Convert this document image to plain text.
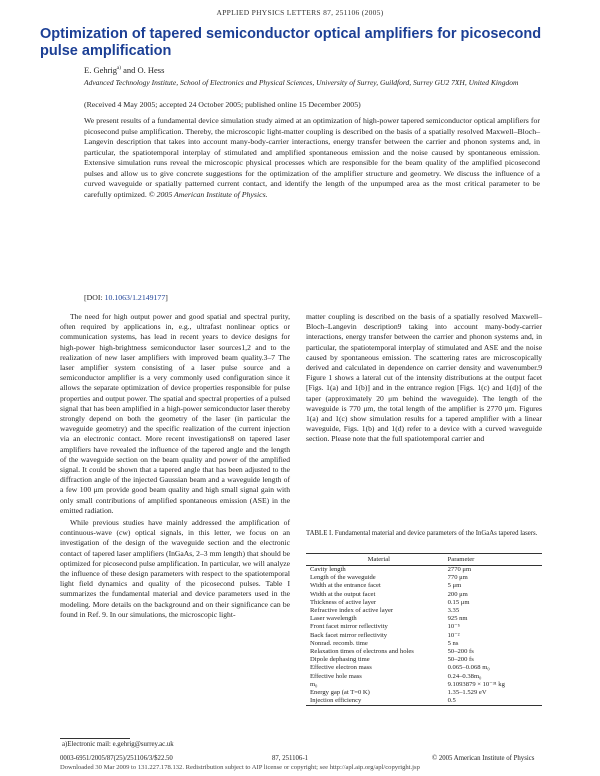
APPLIED PHYSICS LETTERS 87, 251106 (2005)
Optimization of tapered semiconductor optical amplifiers for picosecond pulse amplification
E. Gehrig$^{a)}$ and O. Hess
Advanced Technology Institute, School of Electronics and Physical Sciences, University of Surrey, Guildford, Surrey GU2 7XH, United Kingdom
(Received 4 May 2005; accepted 24 October 2005; published online 15 December 2005)
We present results of a fundamental device simulation study aimed at an optimization of high-power tapered semiconductor optical amplifiers for picosecond pulse amplification. Thereby, the microscopic light-matter coupling is described on the basis of a spatially resolved Maxwell–Bloch–Langevin description that takes into account many-body-carrier interactions, energy transfer between the carrier and phonon systems and, in particular, the spatiotemporal interplay of stimulated and amplified spontaneous emission and the noise caused by spontaneous emission. Extensive simulation runs reveal the microscopic physical processes which are responsible for the beam quality of the amplified picosecond pulses and allow us to give concrete suggestions for the optimization of the amplifier structure and geometry. We discuss the influence of a curved waveguide or spatially patterned current contact, and identify the length of the unpumped area as the most critical parameter to be carefully optimized. © 2005 American Institute of Physics.
[DOI: 10.1063/1.2149177]

The need for high output power and good spatial and spectral purity, often required by applications in, e.g., ultrafast nonlinear optics or communication systems, has lead in recent years to device designs for high-power high-brightness semiconductor laser sources1,2 and to the realization of new laser amplifiers with improved beam quality.3–7 The laser amplifier system consisting of a laser pulse source and a semiconductor amplifier is a very commonly used configuration since it allows the separate optimization of device properties responsible for pulse properties and output power. The spatial and spectral properties of a pulsed signal that has been amplified in a high-power semiconductor laser thereby strongly depend on both the geometry of the laser (in particular the waveguide geometry) and the specific realization of the current injection via an electronic contact. More recent investigations8 on tapered laser amplifiers have revealed the influence of the tapered angle and the length of the waveguide section on the beam quality and power of the amplified signal. It could be shown that a tapered angle that has been adjusted to the diffraction angle of the injected Gaussian beam and a waveguide length of a few 100 μm provide good beam quality and high small signal gain with only small contributions of amplified spontaneous emission (ASE) in the emitted radiation.

While previous studies have mainly addressed the amplification of continuous-wave (cw) optical signals, in this letter, we focus on an investigation of the design of the waveguide section and the electronic contact of tapered laser amplifiers (InGaAs, 2–3 mm length) that should be optimized for picosecond pulse amplification. In particular, we will analyze the influence of these design parameters with respect to the spatiotemporal light field dynamics and quality of the picosecond pulses. Table I summarizes the fundamental material and device parameters used in the modeling. More details on the background and on their significance can be found in Ref. 9. In our simulations, the microscopic light-

matter coupling is described on the basis of a spatially resolved Maxwell–Bloch–Langevin description9 taking into account many-body-carrier interactions, energy transfer between the carrier and phonon systems and, in particular, the spatiotemporal interplay of stimulated and ASE and the noise caused by spontaneous emission. The scattering rates are microscopically derived and calculated in dependence on carrier density and wavenumber.9 Figure 1 shows a lateral cut of the intensity distributions at the output facet [Figs. 1(a) and 1(b)] and in the entrance region [Figs. 1(c) and 1(d)] of the taper (approximately 20 μm behind the waveguide). The length of the waveguide is 770 μm, the total length of the amplifier is 2770 μm. Figures 1(a) and 1(c) show simulation results for a tapered amplifier with a linear waveguide, Figs. 1(b) and 1(d) refer to a device with a curved waveguide section. Please note that the full spatiotemporal carrier and

TABLE I. Fundamental material and device parameters of the InGaAs tapered lasers.
Material	Parameter
Cavity length	2770 μm
Length of the waveguide	770 μm
Width at the entrance facet	5 μm
Width at the output facet	200 μm
Thickness of active layer	0.15 μm
Refractive index of active layer	3.35
Laser wavelength	925 nm
Front facet mirror reflectivity	10⁻⁵
Back facet mirror reflectivity	10⁻²
Nonrad. recomb. time	5 ns
Relaxation times of electrons and holes	50–200 fs
Dipole dephasing time	50–200 fs
Effective electron mass	0.065–0.068 m₀
Effective hole mass	0.24–0.38m₀
m₀	9.1093879 × 10⁻³¹ kg
Energy gap (at T=0 K)	1.35–1.529 eV
Injection efficiency	0.5
a)Electronic mail: e.gehrig@surrey.ac.uk
0003-6951/2005/87(25)/251106/3/$22.50	87, 251106-1	© 2005 American Institute of Physics
Downloaded 30 Mar 2009 to 131.227.178.132. Redistribution subject to AIP license or copyright; see http://apl.aip.org/apl/copyright.jsp
